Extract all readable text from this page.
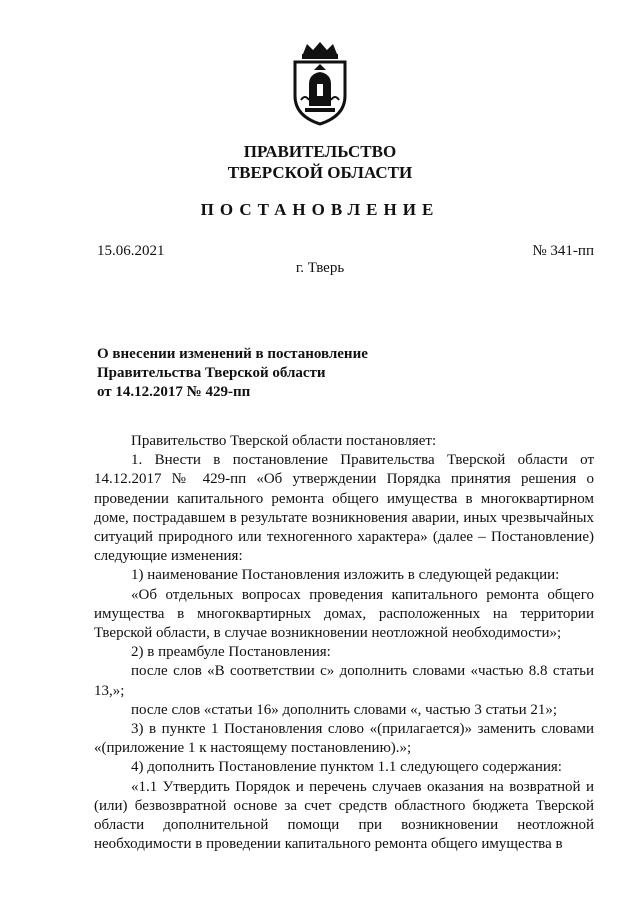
ПРАВИТЕЛЬСТВО
ТВЕРСКОЙ ОБЛАСТИ
ПОСТАНОВЛЕНИЕ
15.06.2021	№ 341-пп
г. Тверь
О внесении изменений в постановление
Правительства Тверской области
от 14.12.2017 № 429-пп

Правительство Тверской области постановляет:

1. Внести в постановление Правительства Тверской области от 14.12.2017 № 429-пп «Об утверждении Порядка принятия решения о проведении капитального ремонта общего имущества в многоквартирном доме, пострадавшем в результате возникновения аварии, иных чрезвычайных ситуаций природного или техногенного характера» (далее – Постановление) следующие изменения:

1) наименование Постановления изложить в следующей редакции:

«Об отдельных вопросах проведения капитального ремонта общего имущества в многоквартирных домах, расположенных на территории Тверской области, в случае возникновении неотложной необходимости»;

2) в преамбуле Постановления:

после слов «В соответствии с» дополнить словами «частью 8.8 статьи 13,»;

после слов «статьи 16» дополнить словами «, частью 3 статьи 21»;

3) в пункте 1 Постановления слово «(прилагается)» заменить словами «(приложение 1 к настоящему постановлению).»;

4) дополнить Постановление пунктом 1.1 следующего содержания:

«1.1 Утвердить Порядок и перечень случаев оказания на возвратной и (или) безвозвратной основе за счет средств областного бюджета Тверской области дополнительной помощи при возникновении неотложной необходимости в проведении капитального ремонта общего имущества в
